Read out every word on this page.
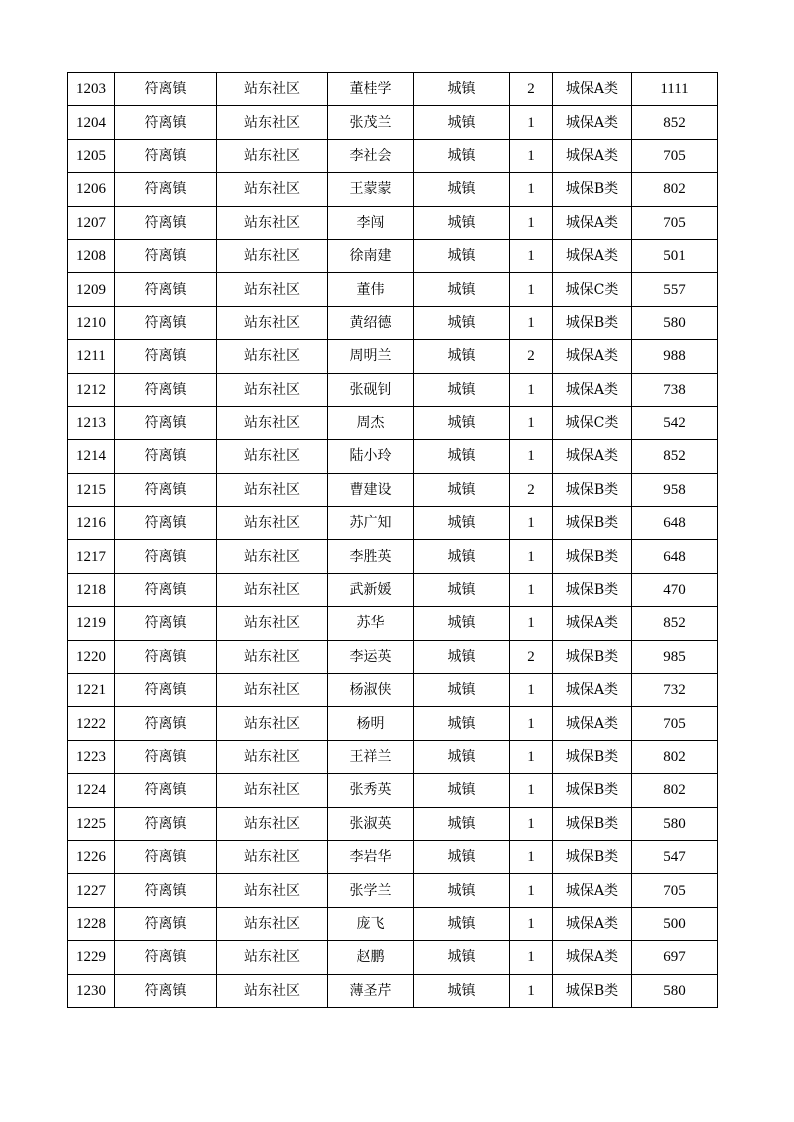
1203	符离镇	站东社区	董桂学	城镇	2	城保A类	1111
1204	符离镇	站东社区	张茂兰	城镇	1	城保A类	852
1205	符离镇	站东社区	李社会	城镇	1	城保A类	705
1206	符离镇	站东社区	王蒙蒙	城镇	1	城保B类	802
1207	符离镇	站东社区	李闯	城镇	1	城保A类	705
1208	符离镇	站东社区	徐南建	城镇	1	城保A类	501
1209	符离镇	站东社区	董伟	城镇	1	城保C类	557
1210	符离镇	站东社区	黄绍德	城镇	1	城保B类	580
1211	符离镇	站东社区	周明兰	城镇	2	城保A类	988
1212	符离镇	站东社区	张砚钊	城镇	1	城保A类	738
1213	符离镇	站东社区	周杰	城镇	1	城保C类	542
1214	符离镇	站东社区	陆小玲	城镇	1	城保A类	852
1215	符离镇	站东社区	曹建设	城镇	2	城保B类	958
1216	符离镇	站东社区	苏广知	城镇	1	城保B类	648
1217	符离镇	站东社区	李胜英	城镇	1	城保B类	648
1218	符离镇	站东社区	武新媛	城镇	1	城保B类	470
1219	符离镇	站东社区	苏华	城镇	1	城保A类	852
1220	符离镇	站东社区	李运英	城镇	2	城保B类	985
1221	符离镇	站东社区	杨淑侠	城镇	1	城保A类	732
1222	符离镇	站东社区	杨明	城镇	1	城保A类	705
1223	符离镇	站东社区	王祥兰	城镇	1	城保B类	802
1224	符离镇	站东社区	张秀英	城镇	1	城保B类	802
1225	符离镇	站东社区	张淑英	城镇	1	城保B类	580
1226	符离镇	站东社区	李岩华	城镇	1	城保B类	547
1227	符离镇	站东社区	张学兰	城镇	1	城保A类	705
1228	符离镇	站东社区	庞飞	城镇	1	城保A类	500
1229	符离镇	站东社区	赵鹏	城镇	1	城保A类	697
1230	符离镇	站东社区	薄圣芹	城镇	1	城保B类	580
